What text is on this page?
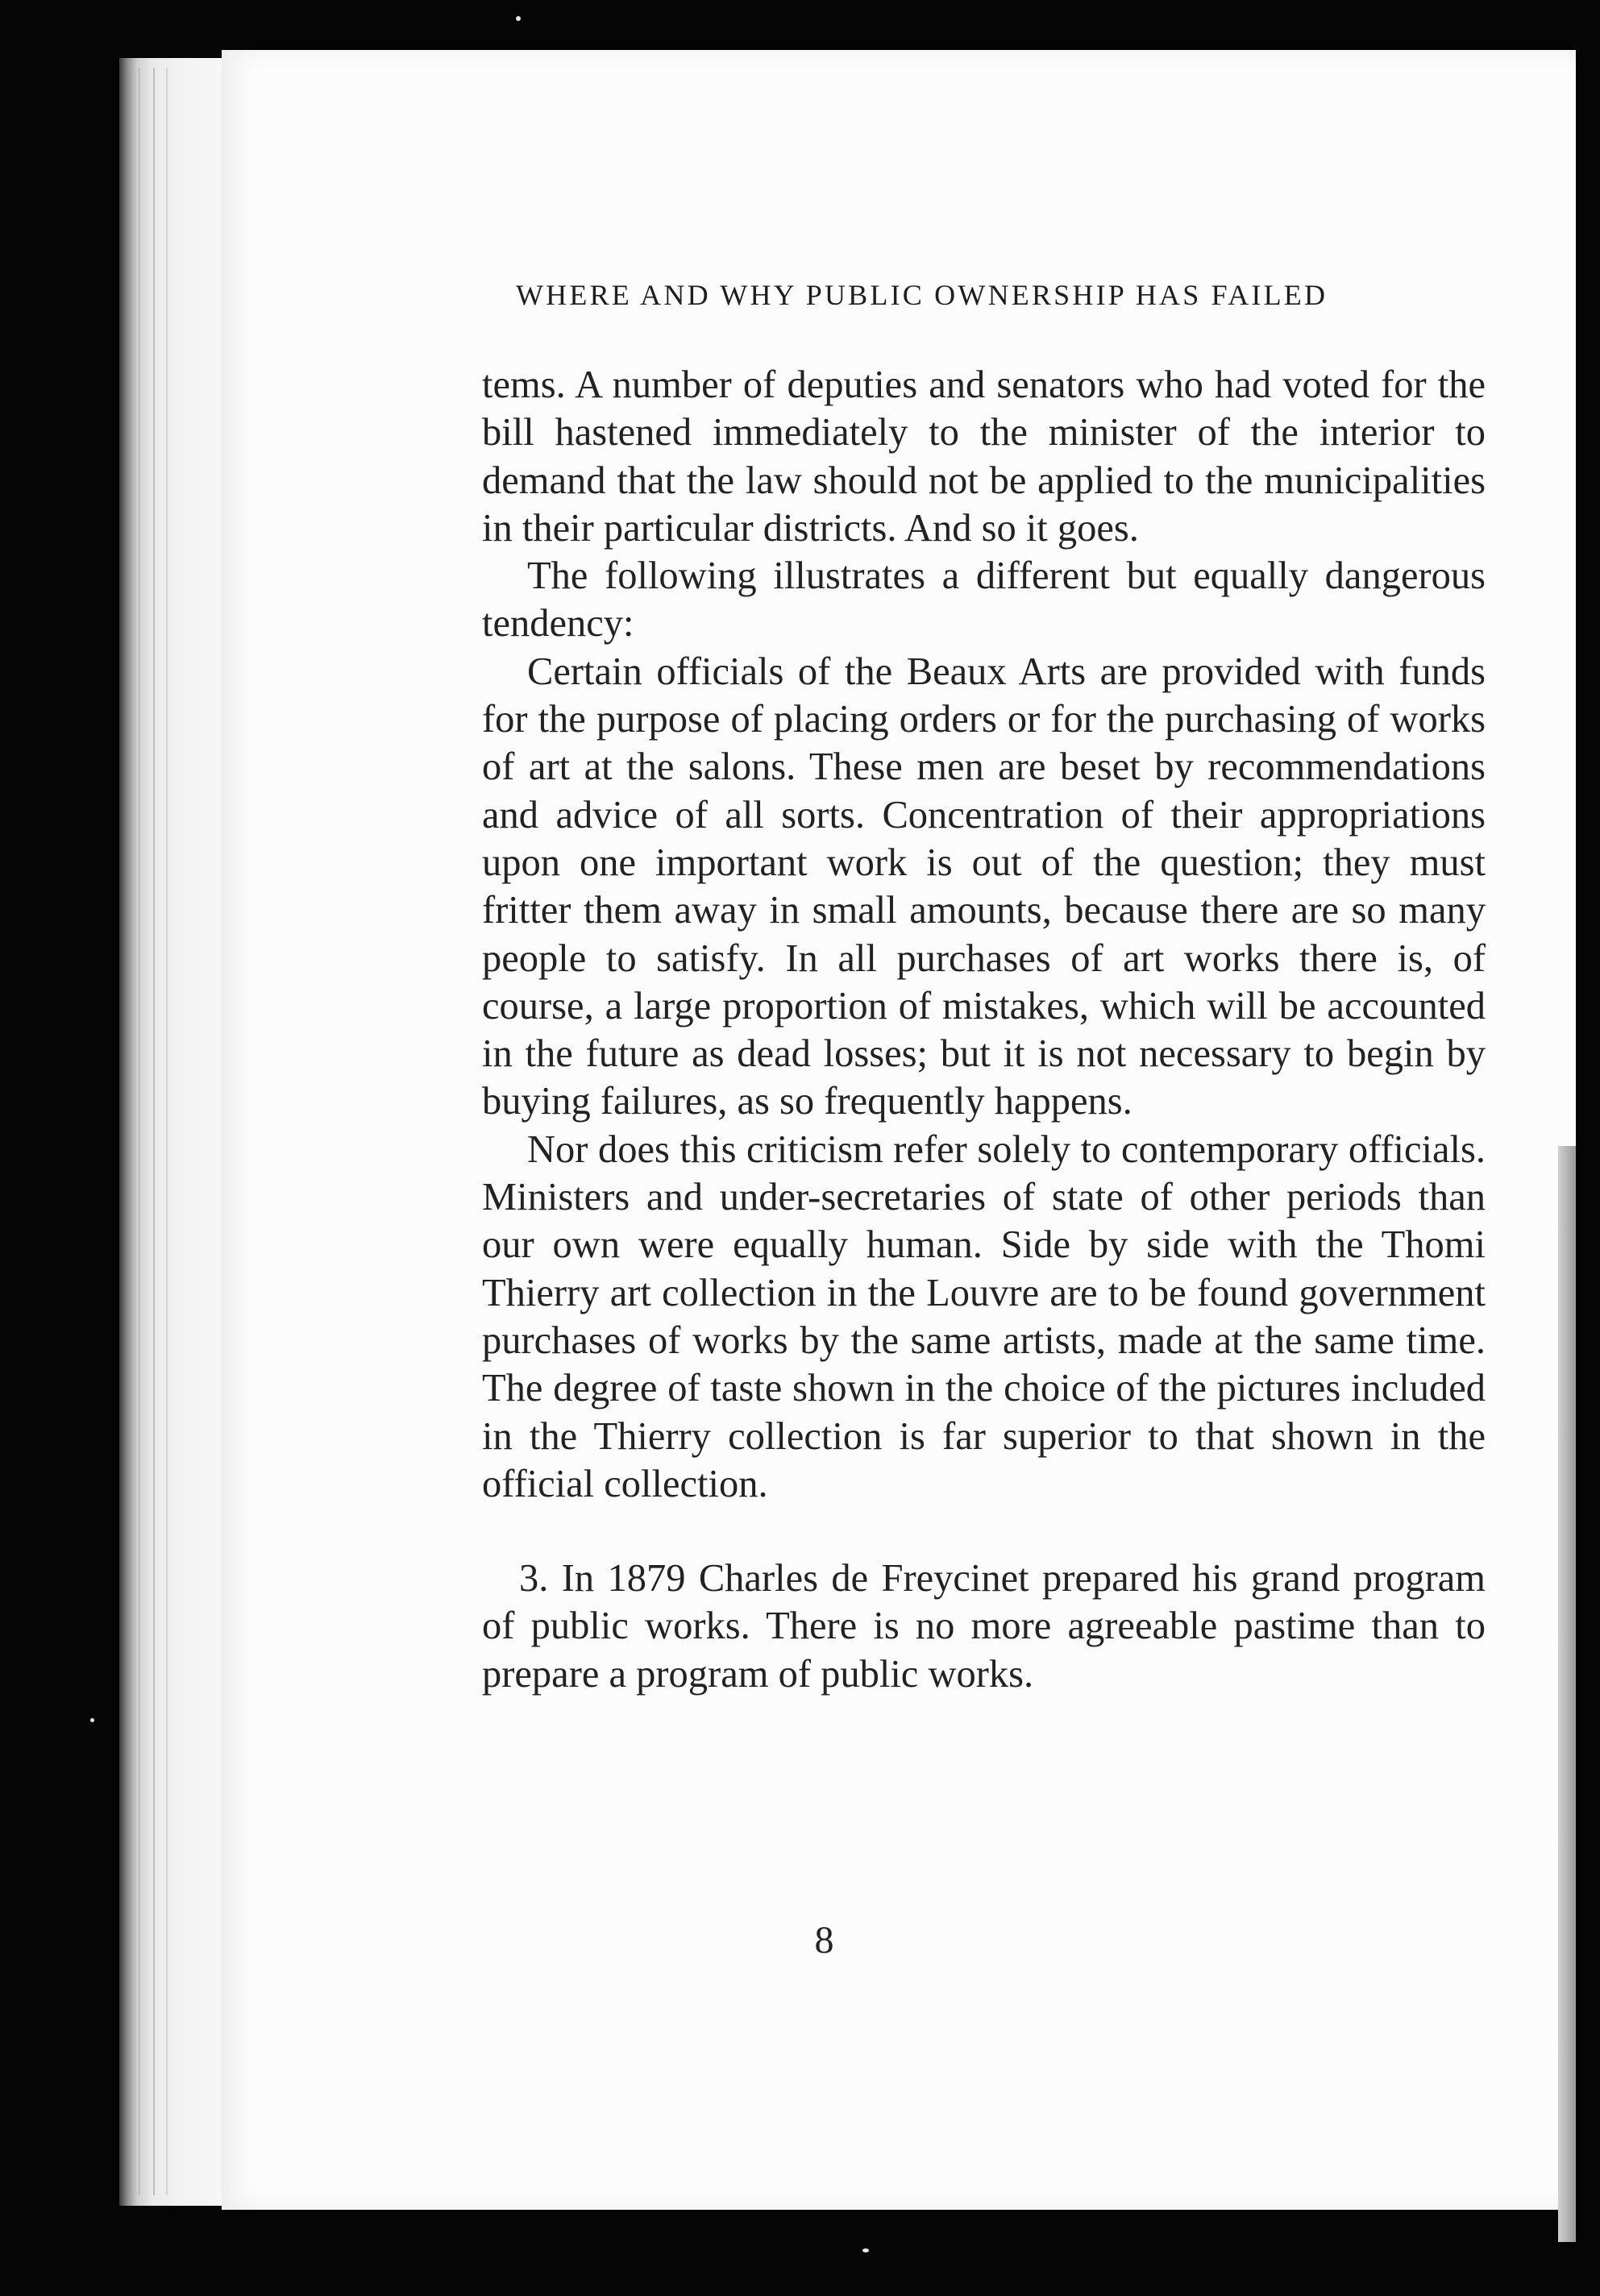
WHERE AND WHY PUBLIC OWNERSHIP HAS FAILED

tems. A number of deputies and senators who had voted for the bill hastened immediately to the minister of the interior to demand that the law should not be applied to the municipalities in their particular districts. And so it goes.

The following illustrates a different but equally dangerous tendency:

Certain officials of the Beaux Arts are provided with funds for the purpose of placing orders or for the purchasing of works of art at the salons. These men are beset by recommendations and advice of all sorts. Concentration of their appropriations upon one important work is out of the question; they must fritter them away in small amounts, because there are so many people to satisfy. In all purchases of art works there is, of course, a large proportion of mistakes, which will be accounted in the future as dead losses; but it is not necessary to begin by buying failures, as so frequently happens.

Nor does this criticism refer solely to contemporary officials. Ministers and under-secretaries of state of other periods than our own were equally human. Side by side with the Thomi Thierry art collection in the Louvre are to be found government purchases of works by the same artists, made at the same time. The degree of taste shown in the choice of the pictures included in the Thierry collection is far superior to that shown in the official collection.

3. In 1879 Charles de Freycinet prepared his grand program of public works. There is no more agreeable pastime than to prepare a program of public works.

8
